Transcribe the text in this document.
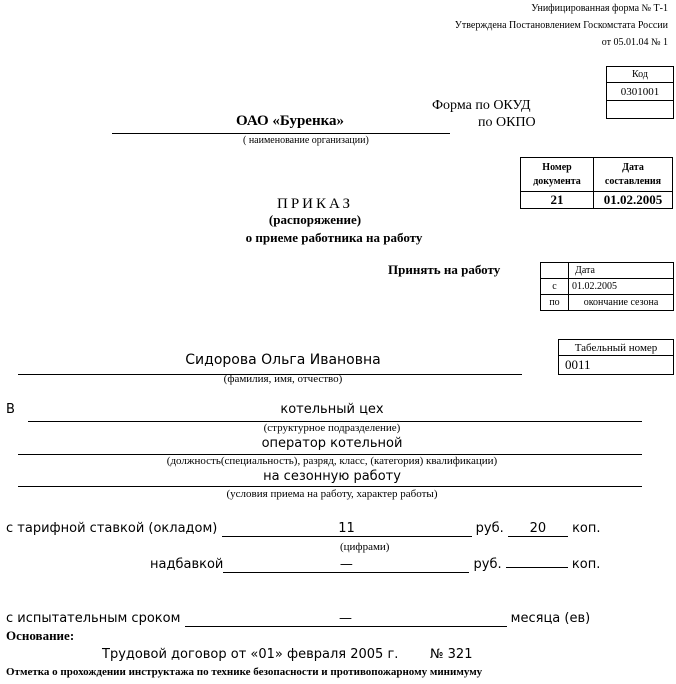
Унифицированная форма № Т-1
Утверждена Постановлением Госкомстата России
от 05.01.04 № 1
Код
0301001

Форма по ОКУД
по ОКПО
ОАО «Буренка»
( наименование организации)
Номер
документа	Дата
составления
21	01.02.2005
ПРИКАЗ
(распоряжение)
о приеме работника на работу
Принять на работу
		Дата
с	01.02.2005
по	окончание сезона
Табельный номер
0011
Сидорова Ольга Ивановна
(фамилия, имя, отчество)
В	котельный цех
(структурное подразделение)
оператор котельной
(должность(специальность), разряд, класс, (категория) квалификации)
на сезонную работу
(условия приема на работу, характер работы)
с тарифной ставкой (окладом)	11	руб. 20 коп.
(цифрами)
надбавкой	—	руб.	коп.
с испытательным сроком	—	месяца (ев)
Основание:
Трудовой договор от «01» февраля 2005 г. № 321
Отметка о прохождении инструктажа по технике безопасности и противопожарному минимуму
